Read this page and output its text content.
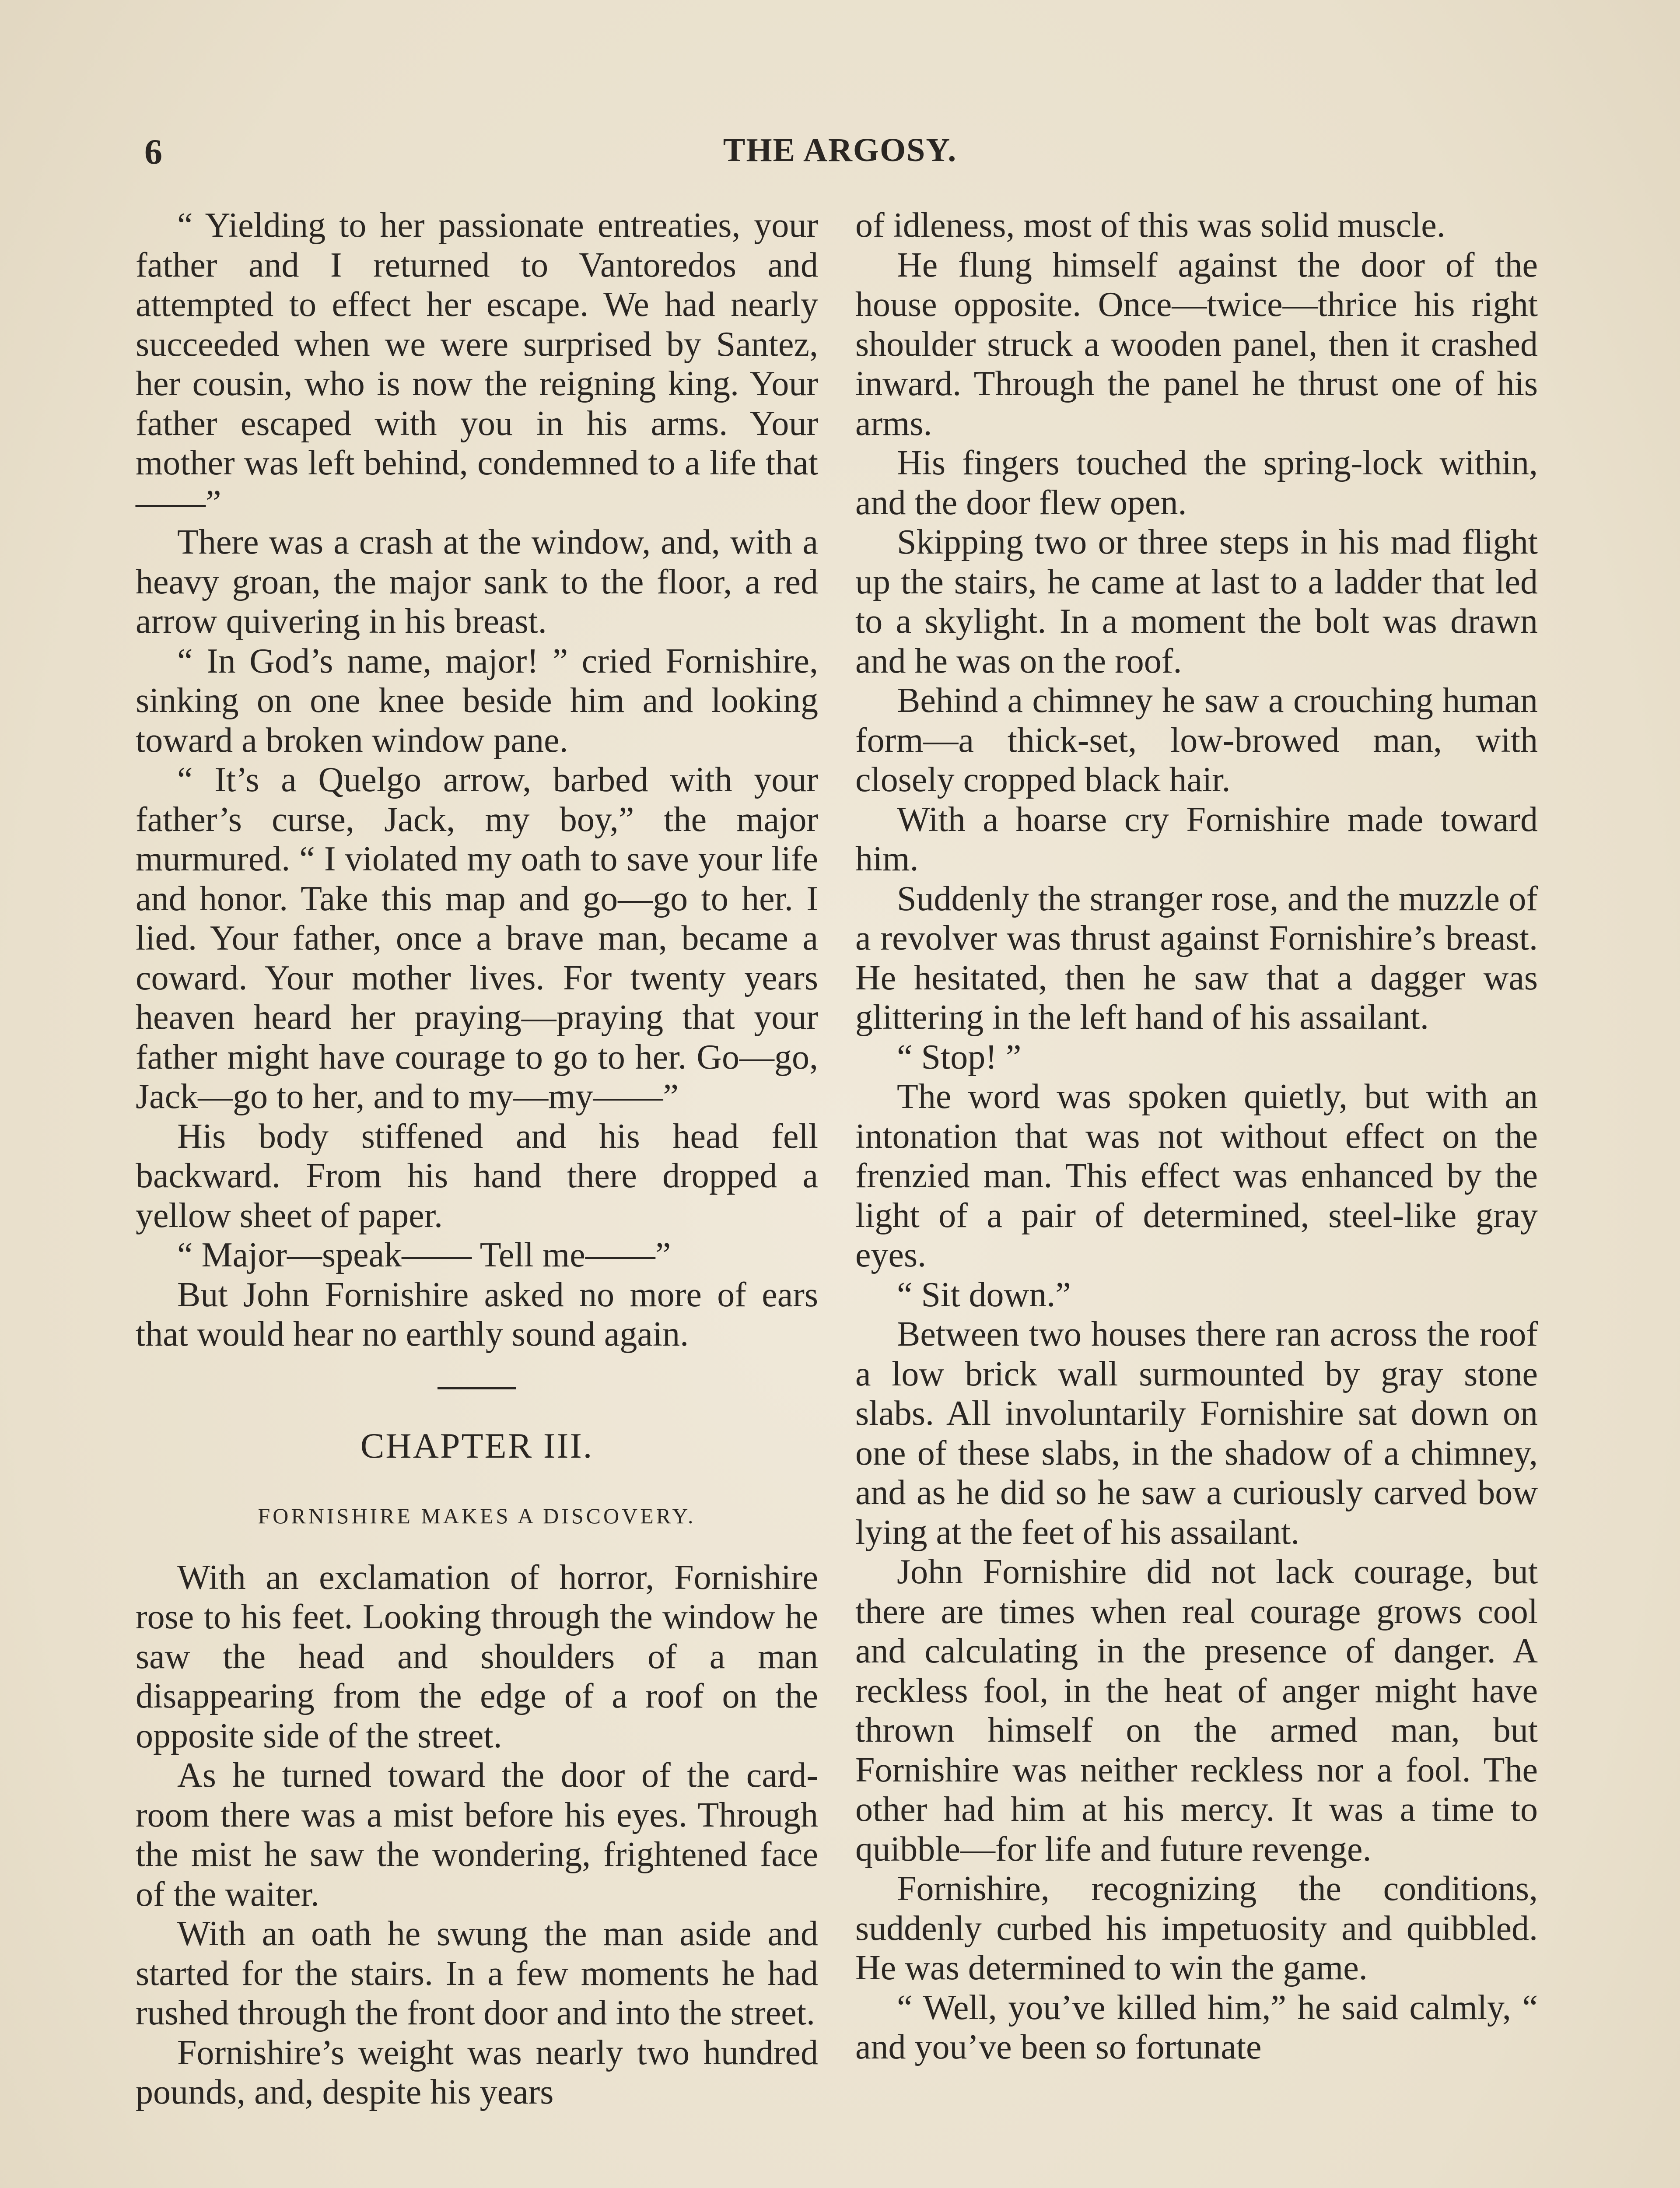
6	THE ARGOSY.

“ Yielding to her passionate entreaties, your father and I returned to Vantoredos and attempted to effect her escape. We had nearly succeeded when we were surprised by Santez, her cousin, who is now the reigning king. Your father escaped with you in his arms. Your mother was left behind, condemned to a life that——”

There was a crash at the window, and, with a heavy groan, the major sank to the floor, a red arrow quivering in his breast.

“ In God’s name, major! ” cried Fornishire, sinking on one knee beside him and looking toward a broken window pane.

“ It’s a Quelgo arrow, barbed with your father’s curse, Jack, my boy,” the major murmured. “ I violated my oath to save your life and honor. Take this map and go—go to her. I lied. Your father, once a brave man, became a coward. Your mother lives. For twenty years heaven heard her praying—praying that your father might have courage to go to her. Go—go, Jack—go to her, and to my—my——”

His body stiffened and his head fell backward. From his hand there dropped a yellow sheet of paper.

“ Major—speak—— Tell me——”

But John Fornishire asked no more of ears that would hear no earthly sound again.

CHAPTER III.
FORNISHIRE MAKES A DISCOVERY.

With an exclamation of horror, Fornishire rose to his feet. Looking through the window he saw the head and shoulders of a man disappearing from the edge of a roof on the opposite side of the street.

As he turned toward the door of the card-room there was a mist before his eyes. Through the mist he saw the wondering, frightened face of the waiter.

With an oath he swung the man aside and started for the stairs. In a few moments he had rushed through the front door and into the street.

Fornishire’s weight was nearly two hundred pounds, and, despite his years

of idleness, most of this was solid muscle.

He flung himself against the door of the house opposite. Once—twice—thrice his right shoulder struck a wooden panel, then it crashed inward. Through the panel he thrust one of his arms.

His fingers touched the spring-lock within, and the door flew open.

Skipping two or three steps in his mad flight up the stairs, he came at last to a ladder that led to a skylight. In a moment the bolt was drawn and he was on the roof.

Behind a chimney he saw a crouching human form—a thick-set, low-browed man, with closely cropped black hair.

With a hoarse cry Fornishire made toward him.

Suddenly the stranger rose, and the muzzle of a revolver was thrust against Fornishire’s breast. He hesitated, then he saw that a dagger was glittering in the left hand of his assailant.

“ Stop! ”

The word was spoken quietly, but with an intonation that was not without effect on the frenzied man. This effect was enhanced by the light of a pair of determined, steel-like gray eyes.

“ Sit down.”

Between two houses there ran across the roof a low brick wall surmounted by gray stone slabs. All involuntarily Fornishire sat down on one of these slabs, in the shadow of a chimney, and as he did so he saw a curiously carved bow lying at the feet of his assailant.

John Fornishire did not lack courage, but there are times when real courage grows cool and calculating in the presence of danger. A reckless fool, in the heat of anger might have thrown himself on the armed man, but Fornishire was neither reckless nor a fool. The other had him at his mercy. It was a time to quibble—for life and future revenge.

Fornishire, recognizing the conditions, suddenly curbed his impetuosity and quibbled. He was determined to win the game.

“ Well, you’ve killed him,” he said calmly, “ and you’ve been so fortunate
